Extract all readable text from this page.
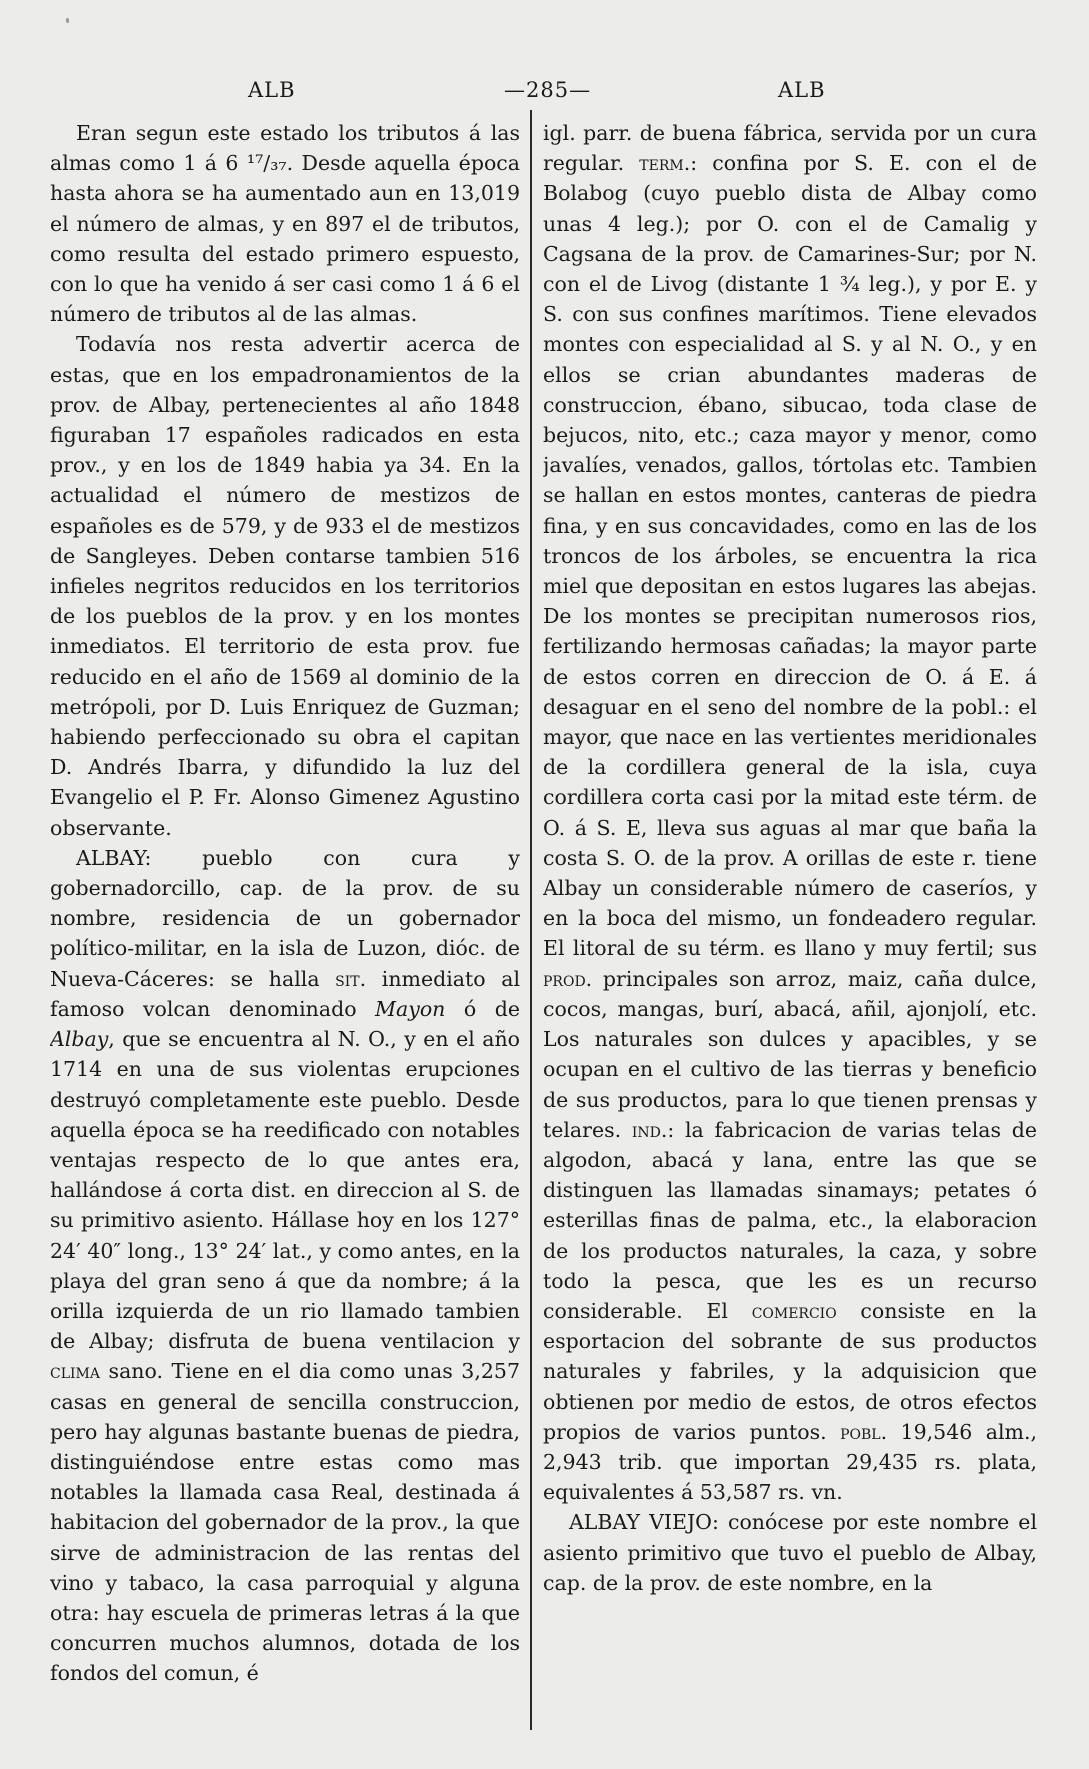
ALB	—285—	ALB

Eran segun este estado los tributos á las almas como 1 á 6 ¹⁷/₃₇. Desde aquella época hasta ahora se ha aumentado aun en 13,019 el número de almas, y en 897 el de tributos, como resulta del estado primero espuesto, con lo que ha venido á ser casi como 1 á 6 el número de tributos al de las almas.

Todavía nos resta advertir acerca de estas, que en los empadronamientos de la prov. de Albay, pertenecientes al año 1848 figuraban 17 españoles radicados en esta prov., y en los de 1849 habia ya 34. En la actualidad el número de mestizos de españoles es de 579, y de 933 el de mestizos de Sangleyes. Deben contarse tambien 516 infieles negritos reducidos en los territorios de los pueblos de la prov. y en los montes inmediatos. El territorio de esta prov. fue reducido en el año de 1569 al dominio de la metrópoli, por D. Luis Enriquez de Guzman; habiendo perfeccionado su obra el capitan D. Andrés Ibarra, y difundido la luz del Evangelio el P. Fr. Alonso Gimenez Agustino observante.

ALBAY: pueblo con cura y gobernadorcillo, cap. de la prov. de su nombre, residencia de un gobernador político-militar, en la isla de Luzon, dióc. de Nueva-Cáceres: se halla sit. inmediato al famoso volcan denominado Mayon ó de Albay, que se encuentra al N. O., y en el año 1714 en una de sus violentas erupciones destruyó completamente este pueblo. Desde aquella época se ha reedificado con notables ventajas respecto de lo que antes era, hallándose á corta dist. en direccion al S. de su primitivo asiento. Hállase hoy en los 127° 24′ 40″ long., 13° 24′ lat., y como antes, en la playa del gran seno á que da nombre; á la orilla izquierda de un rio llamado tambien de Albay; disfruta de buena ventilacion y clima sano. Tiene en el dia como unas 3,257 casas en general de sencilla construccion, pero hay algunas bastante buenas de piedra, distinguiéndose entre estas como mas notables la llamada casa Real, destinada á habitacion del gobernador de la prov., la que sirve de administracion de las rentas del vino y tabaco, la casa parroquial y alguna otra: hay escuela de primeras letras á la que concurren muchos alumnos, dotada de los fondos del comun, é

igl. parr. de buena fábrica, servida por un cura regular. term.: confina por S. E. con el de Bolabog (cuyo pueblo dista de Albay como unas 4 leg.); por O. con el de Camalig y Cagsana de la prov. de Camarines-Sur; por N. con el de Livog (distante 1 ¾ leg.), y por E. y S. con sus confines marítimos. Tiene elevados montes con especialidad al S. y al N. O., y en ellos se crian abundantes maderas de construccion, ébano, sibucao, toda clase de bejucos, nito, etc.; caza mayor y menor, como javalíes, venados, gallos, tórtolas etc. Tambien se hallan en estos montes, canteras de piedra fina, y en sus concavidades, como en las de los troncos de los árboles, se encuentra la rica miel que depositan en estos lugares las abejas. De los montes se precipitan numerosos rios, fertilizando hermosas cañadas; la mayor parte de estos corren en direccion de O. á E. á desaguar en el seno del nombre de la pobl.: el mayor, que nace en las vertientes meridionales de la cordillera general de la isla, cuya cordillera corta casi por la mitad este térm. de O. á S. E, lleva sus aguas al mar que baña la costa S. O. de la prov. A orillas de este r. tiene Albay un considerable número de caseríos, y en la boca del mismo, un fondeadero regular. El litoral de su térm. es llano y muy fertil; sus prod. principales son arroz, maiz, caña dulce, cocos, mangas, burí, abacá, añil, ajonjolí, etc. Los naturales son dulces y apacibles, y se ocupan en el cultivo de las tierras y beneficio de sus productos, para lo que tienen prensas y telares. ind.: la fabricacion de varias telas de algodon, abacá y lana, entre las que se distinguen las llamadas sinamays; petates ó esterillas finas de palma, etc., la elaboracion de los productos naturales, la caza, y sobre todo la pesca, que les es un recurso considerable. El comercio consiste en la esportacion del sobrante de sus productos naturales y fabriles, y la adquisicion que obtienen por medio de estos, de otros efectos propios de varios puntos. pobl. 19,546 alm., 2,943 trib. que importan 29,435 rs. plata, equivalentes á 53,587 rs. vn.

ALBAY VIEJO: conócese por este nombre el asiento primitivo que tuvo el pueblo de Albay, cap. de la prov. de este nombre, en la
